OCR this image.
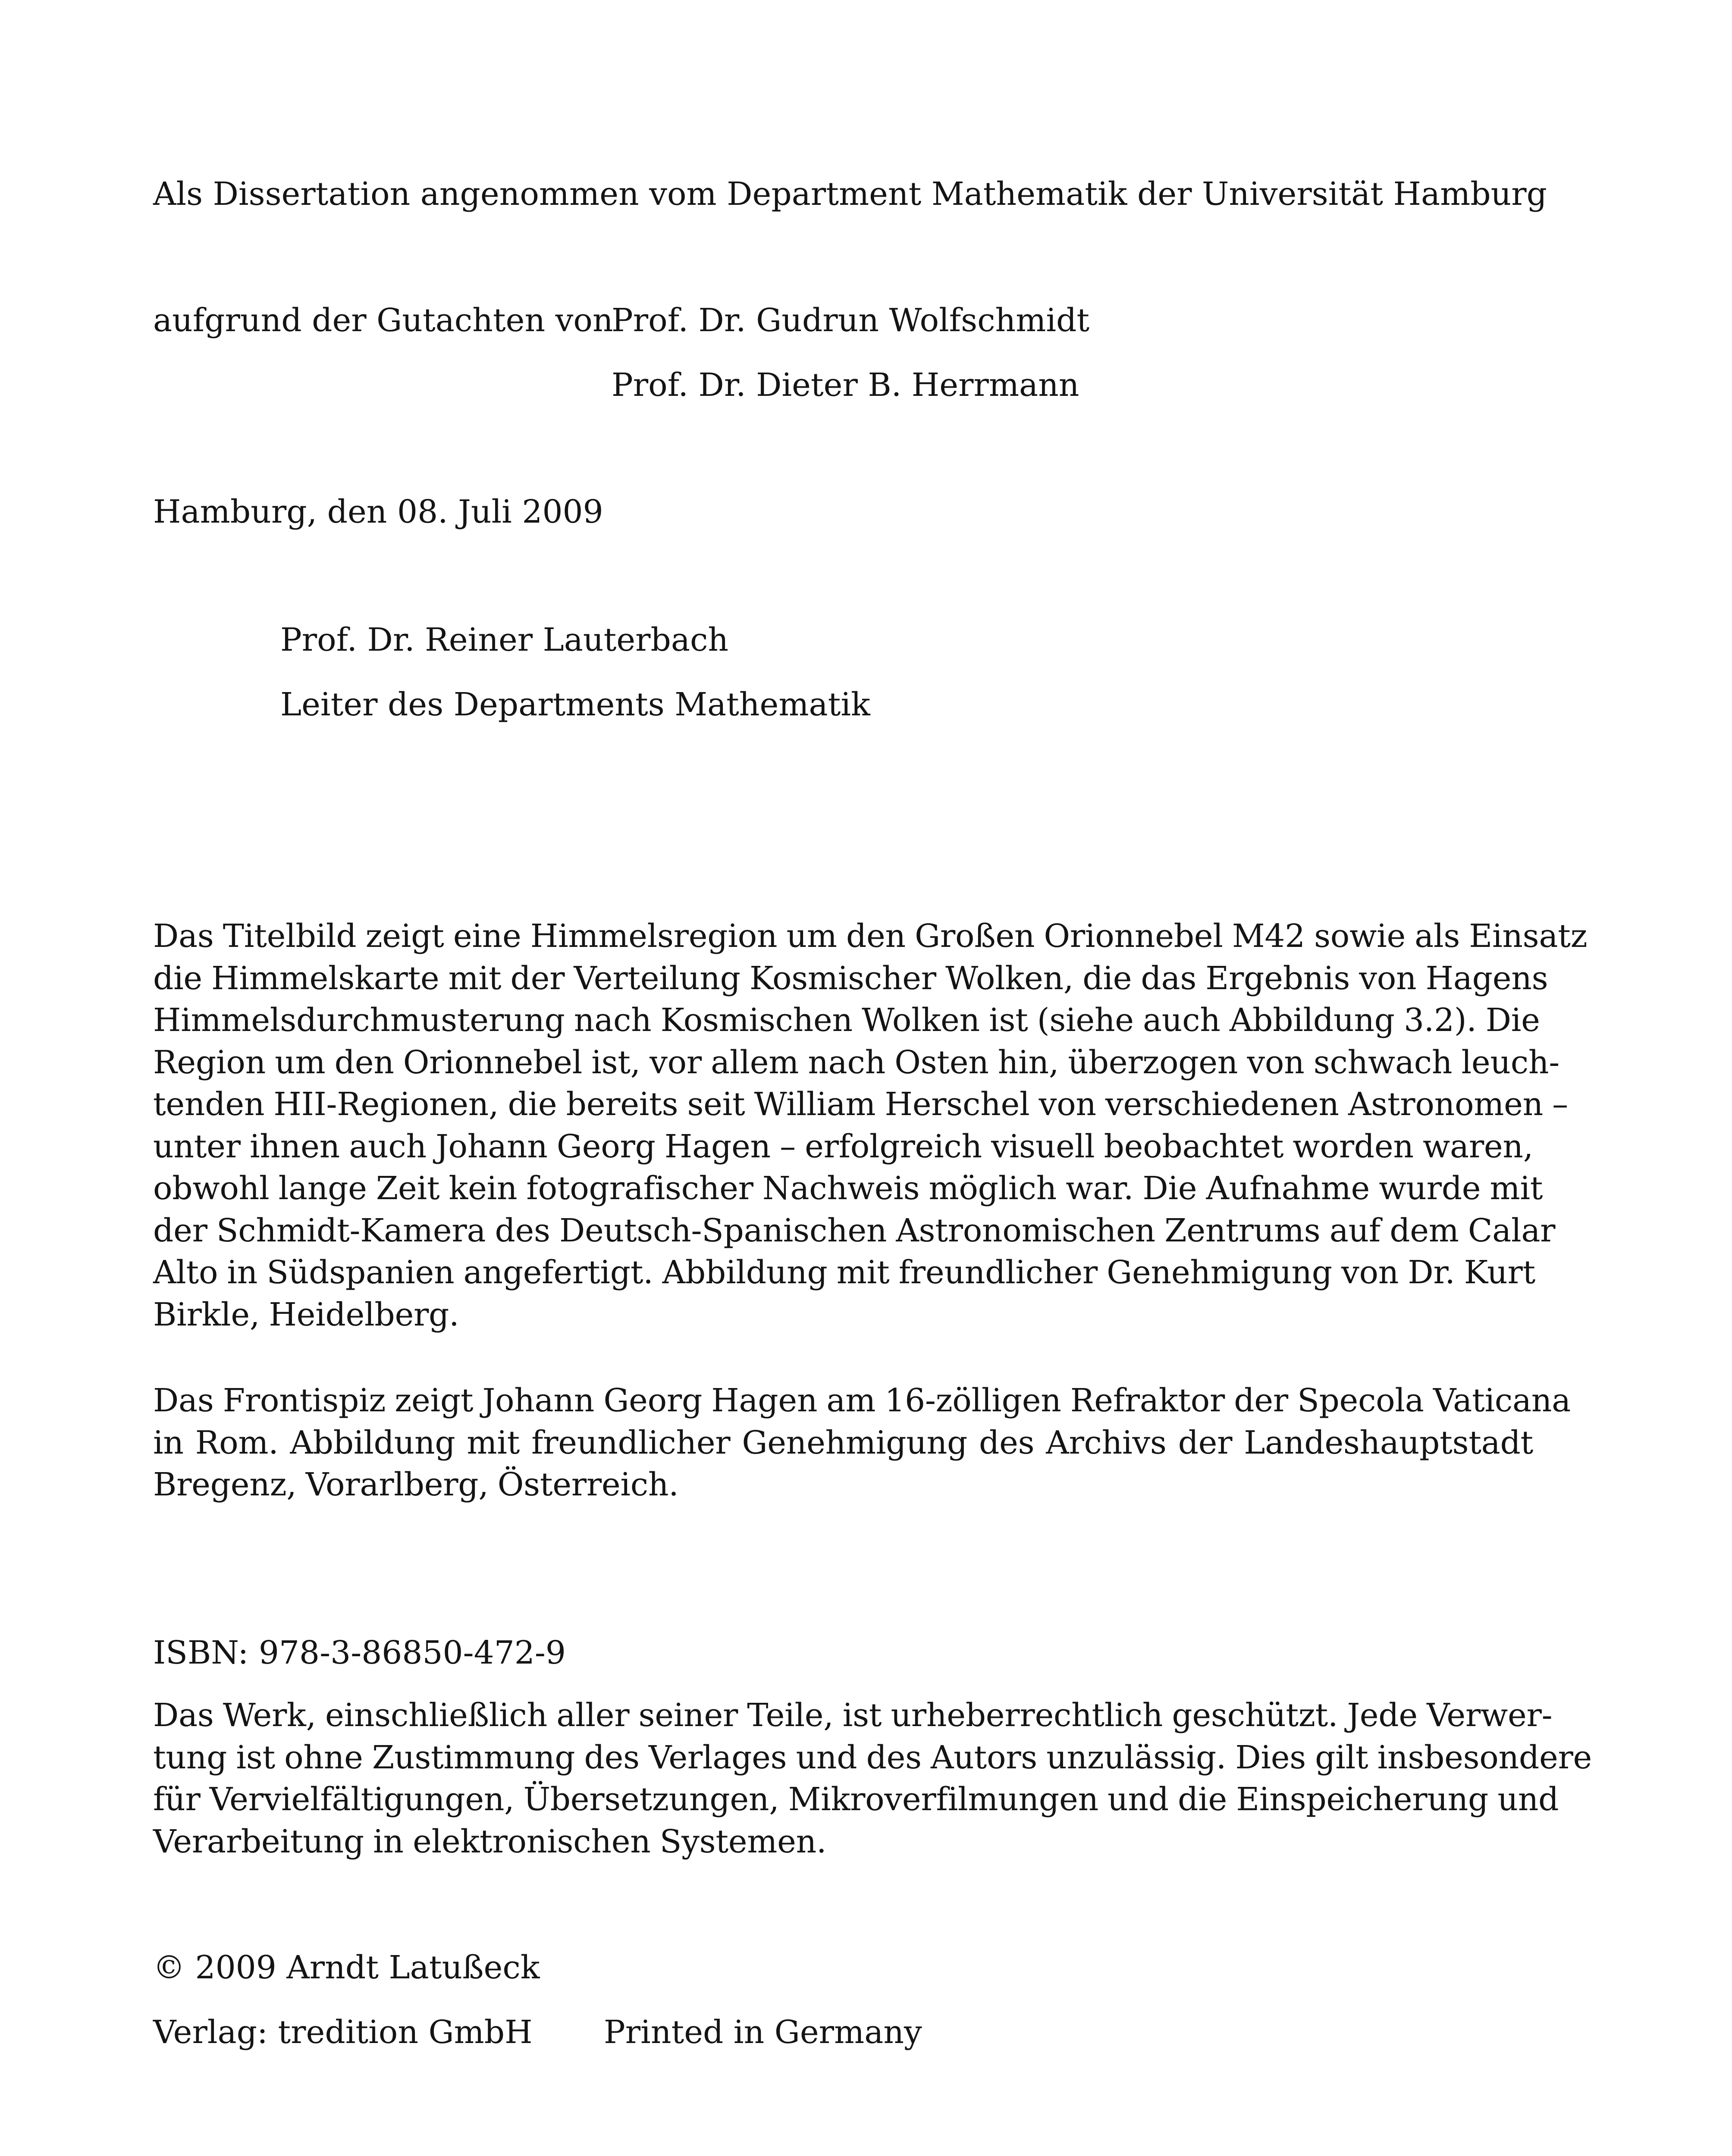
Als Dissertation angenommen vom Department Mathematik der Universität Hamburg
aufgrund der Gutachten von
Prof. Dr. Gudrun Wolfschmidt
Prof. Dr. Dieter B. Herrmann
Hamburg, den 08. Juli 2009
Prof. Dr. Reiner Lauterbach
Leiter des Departments Mathematik
Das Titelbild zeigt eine Himmelsregion um den Großen Orionnebel M42 sowie als Einsatz
die Himmelskarte mit der Verteilung Kosmischer Wolken, die das Ergebnis von Hagens
Himmelsdurchmusterung nach Kosmischen Wolken ist (siehe auch Abbildung 3.2). Die
Region um den Orionnebel ist, vor allem nach Osten hin, überzogen von schwach leuch-
tenden HII-Regionen, die bereits seit William Herschel von verschiedenen Astronomen –
unter ihnen auch Johann Georg Hagen – erfolgreich visuell beobachtet worden waren,
obwohl lange Zeit kein fotografischer Nachweis möglich war. Die Aufnahme wurde mit
der Schmidt-Kamera des Deutsch-Spanischen Astronomischen Zentrums auf dem Calar
Alto in Südspanien angefertigt. Abbildung mit freundlicher Genehmigung von Dr. Kurt
Birkle, Heidelberg.
Das Frontispiz zeigt Johann Georg Hagen am 16-zölligen Refraktor der Specola Vaticana
in Rom. Abbildung mit freundlicher Genehmigung des Archivs der Landeshauptstadt
Bregenz, Vorarlberg, Österreich.
ISBN: 978-3-86850-472-9
Das Werk, einschließlich aller seiner Teile, ist urheberrechtlich geschützt. Jede Verwer-
tung ist ohne Zustimmung des Verlages und des Autors unzulässig. Dies gilt insbesondere
für Vervielfältigungen, Übersetzungen, Mikroverfilmungen und die Einspeicherung und
Verarbeitung in elektronischen Systemen.
© 2009 Arndt Latußeck
Verlag: tredition GmbH Printed in Germany
